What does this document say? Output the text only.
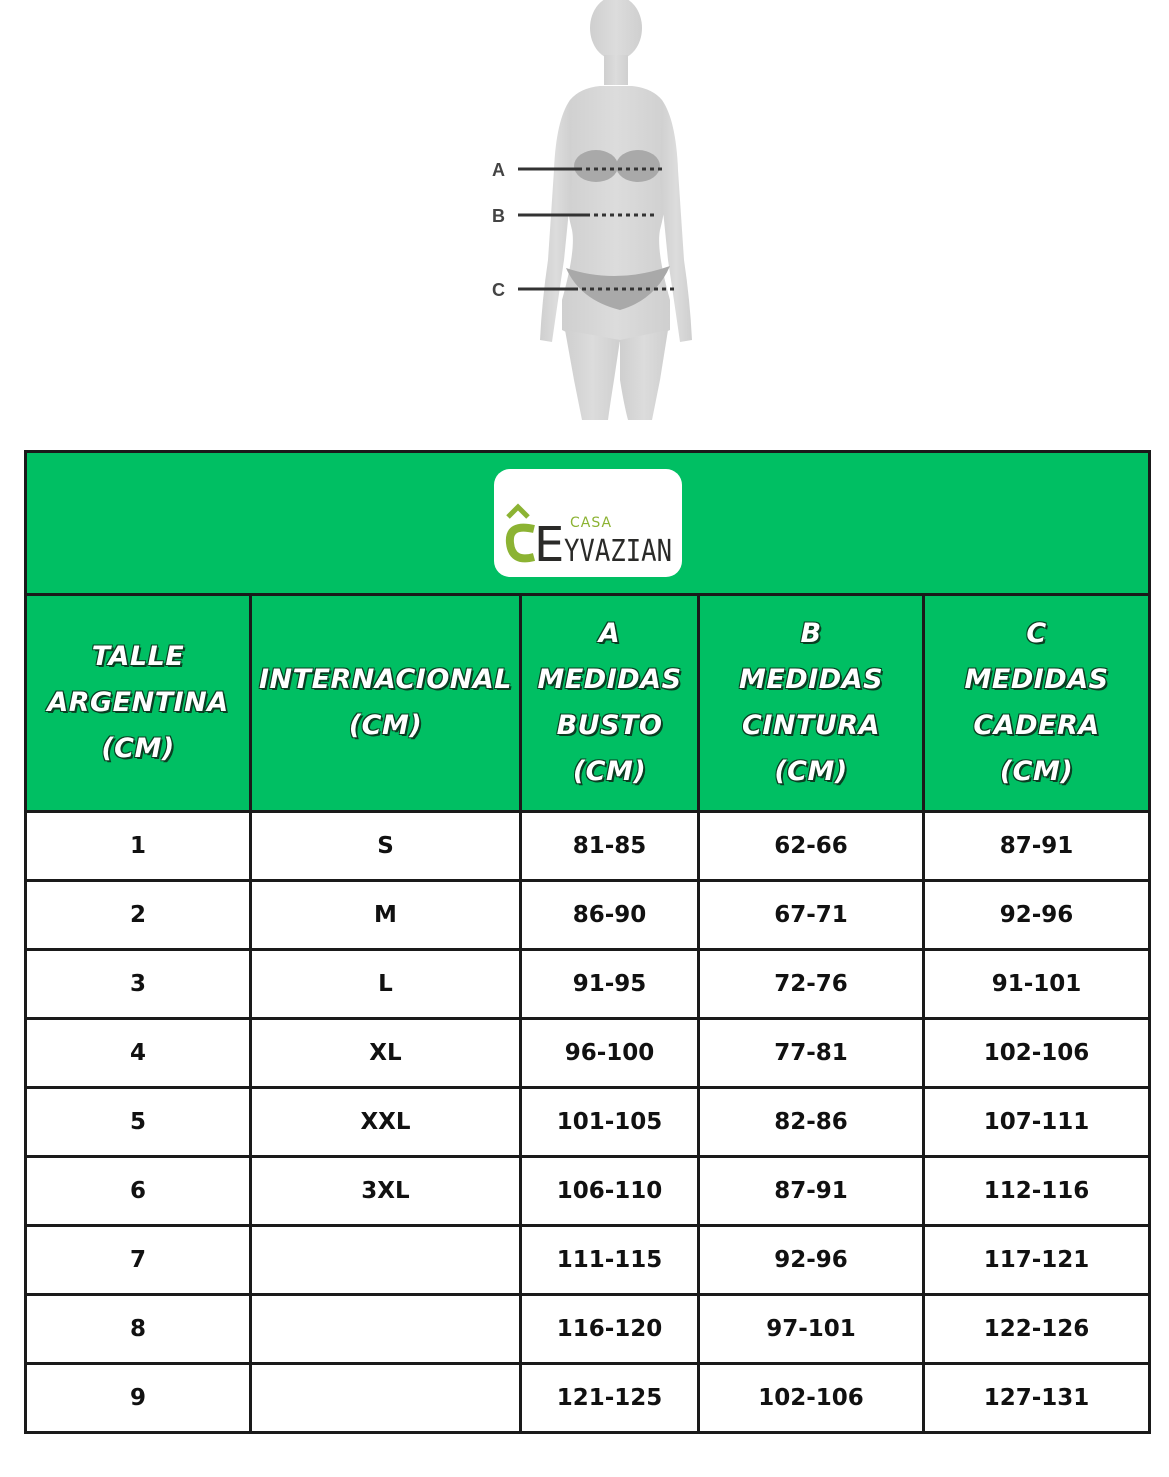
A
B
C
E CASA
YVAZIAN				

TALLE
ARGENTINA
(CM)	INTERNACIONAL
(CM)	A
MEDIDAS
BUSTO
(CM)	B
MEDIDAS
CINTURA
(CM)	C
MEDIDAS
CADERA
(CM)

1	S	81-85	62-66	87-91
2	M	86-90	67-71	92-96
3	L	91-95	72-76	91-101
4	XL	96-100	77-81	102-106
5	XXL	101-105	82-86	107-111
6	3XL	106-110	87-91	112-116
7		111-115	92-96	117-121
8		116-120	97-101	122-126
9		121-125	102-106	127-131
